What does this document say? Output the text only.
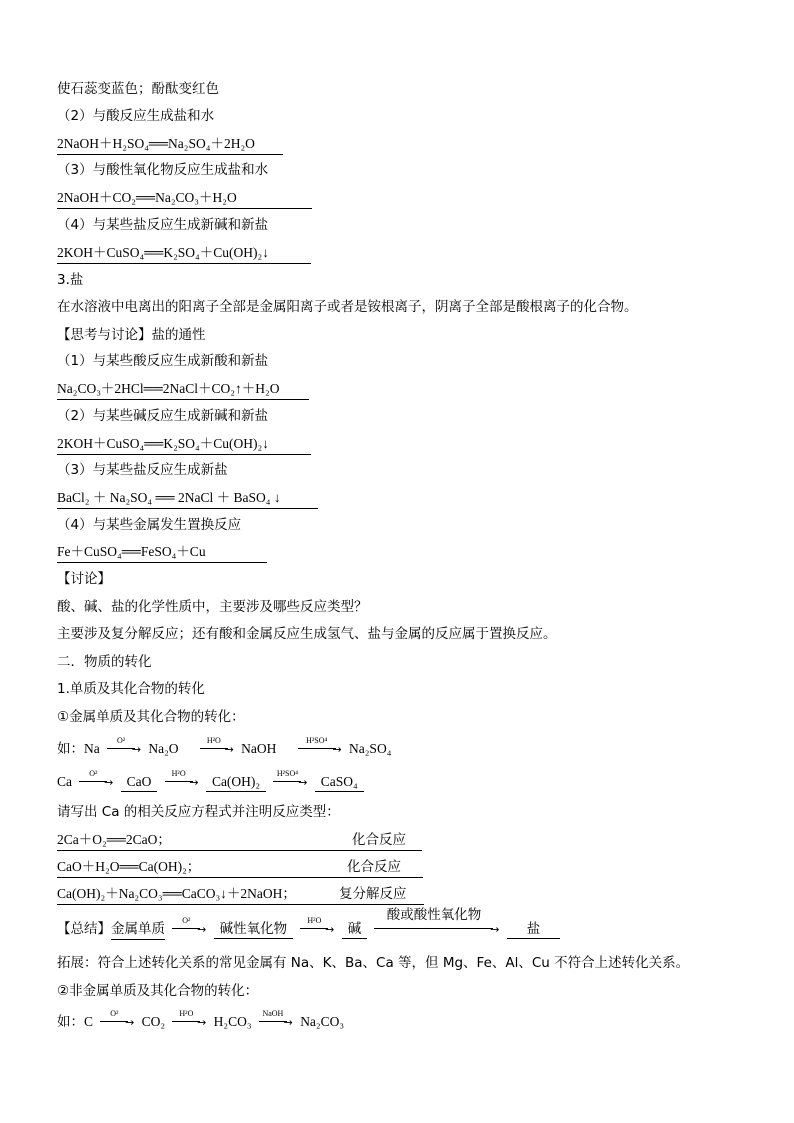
使石蕊变蓝色；酚酞变红色
（2）与酸反应生成盐和水
2NaOH＋H₂SO₄══Na₂SO₄＋2H₂O
（3）与酸性氧化物反应生成盐和水
2NaOH＋CO₂══Na₂CO₃＋H₂O
（4）与某些盐反应生成新碱和新盐
2KOH＋CuSO₄══K₂SO₄＋Cu(OH)₂↓
3.盐
在水溶液中电离出的阳离子全部是金属阳离子或者是铵根离子，阴离子全部是酸根离子的化合物。
【思考与讨论】盐的通性
（1）与某些酸反应生成新酸和新盐
Na₂CO₃＋2HCl══2NaCl＋CO₂↑＋H₂O
（2）与某些碱反应生成新碱和新盐
2KOH＋CuSO₄══K₂SO₄＋Cu(OH)₂↓
（3）与某些盐反应生成新盐
BaCl₂ ＋ Na₂SO₄ ══ 2NaCl ＋ BaSO₄ ↓
（4）与某些金属发生置换反应
Fe＋CuSO₄══FeSO₄＋Cu
【讨论】
酸、碱、盐的化学性质中，主要涉及哪些反应类型？
主要涉及复分解反应；还有酸和金属反应生成氢气、盐与金属的反应属于置换反应。
二．物质的转化
1.单质及其化合物的转化
①金属单质及其化合物的转化：
如：Na
O²
→ Na₂O
H²O
→ NaOH
H²SO⁴
→ Na₂SO₄
Ca
O²
→ CaO
H²O
→ Ca(OH)₂
H²SO⁴
→ CaSO₄
请写出 Ca 的相关反应方程式并注明反应类型：
2Ca＋O₂══2CaO；	化合反应
CaO＋H₂O══Ca(OH)₂；	化合反应
Ca(OH)₂＋Na₂CO₃══CaCO₃↓＋2NaOH；	复分解反应
【总结】金属单质
O²
→ 碱性氧化物
H²O
→ 碱
酸或酸性氧化物
→ 盐
拓展：符合上述转化关系的常见金属有 Na、K、Ba、Ca 等，但 Mg、Fe、Al、Cu 不符合上述转化关系。
②非金属单质及其化合物的转化：
如：C
O²
→ CO₂
H²O
→ H₂CO₃
NaOH
→ Na₂CO₃
